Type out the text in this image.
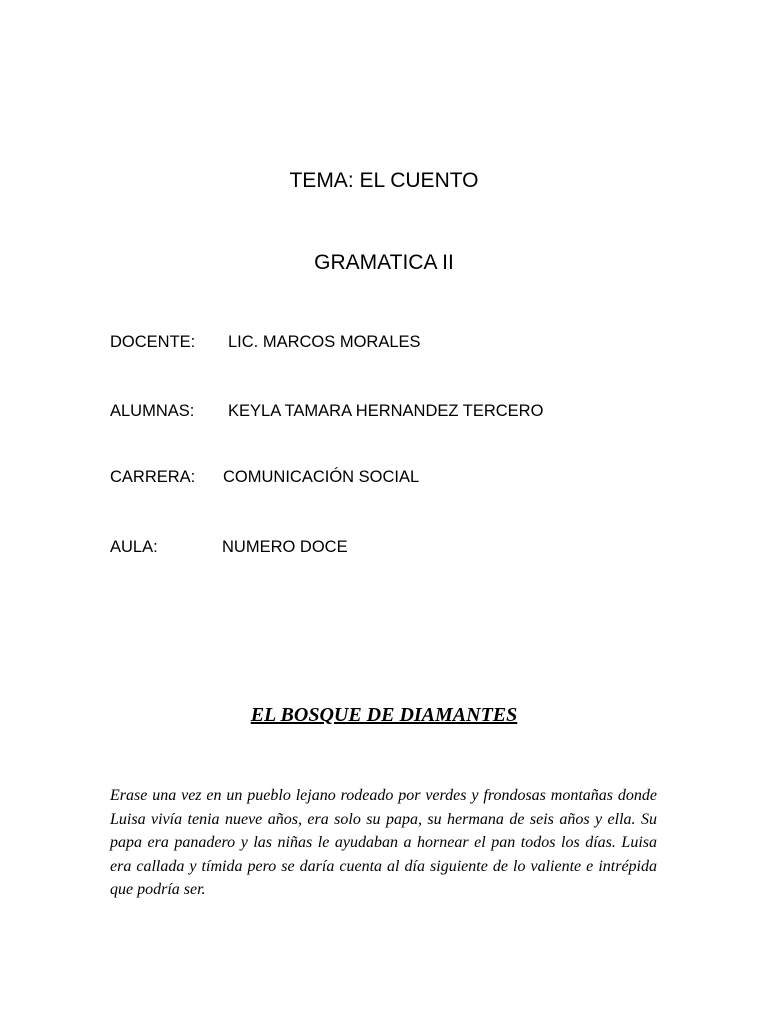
TEMA: EL CUENTO
GRAMATICA II
DOCENTE: LIC. MARCOS MORALES
ALUMNAS: KEYLA TAMARA HERNANDEZ TERCERO
CARRERA: COMUNICACIÓN SOCIAL
AULA:	NUMERO DOCE
EL BOSQUE DE DIAMANTES

Erase una vez en un pueblo lejano rodeado por verdes y frondosas montañas donde Luisa vivía tenia nueve años, era solo su papa, su hermana de seis años y ella. Su papa era panadero y las niñas le ayudaban a hornear el pan todos los días. Luisa era callada y tímida pero se daría cuenta al día siguiente de lo valiente e intrépida que podría ser.
